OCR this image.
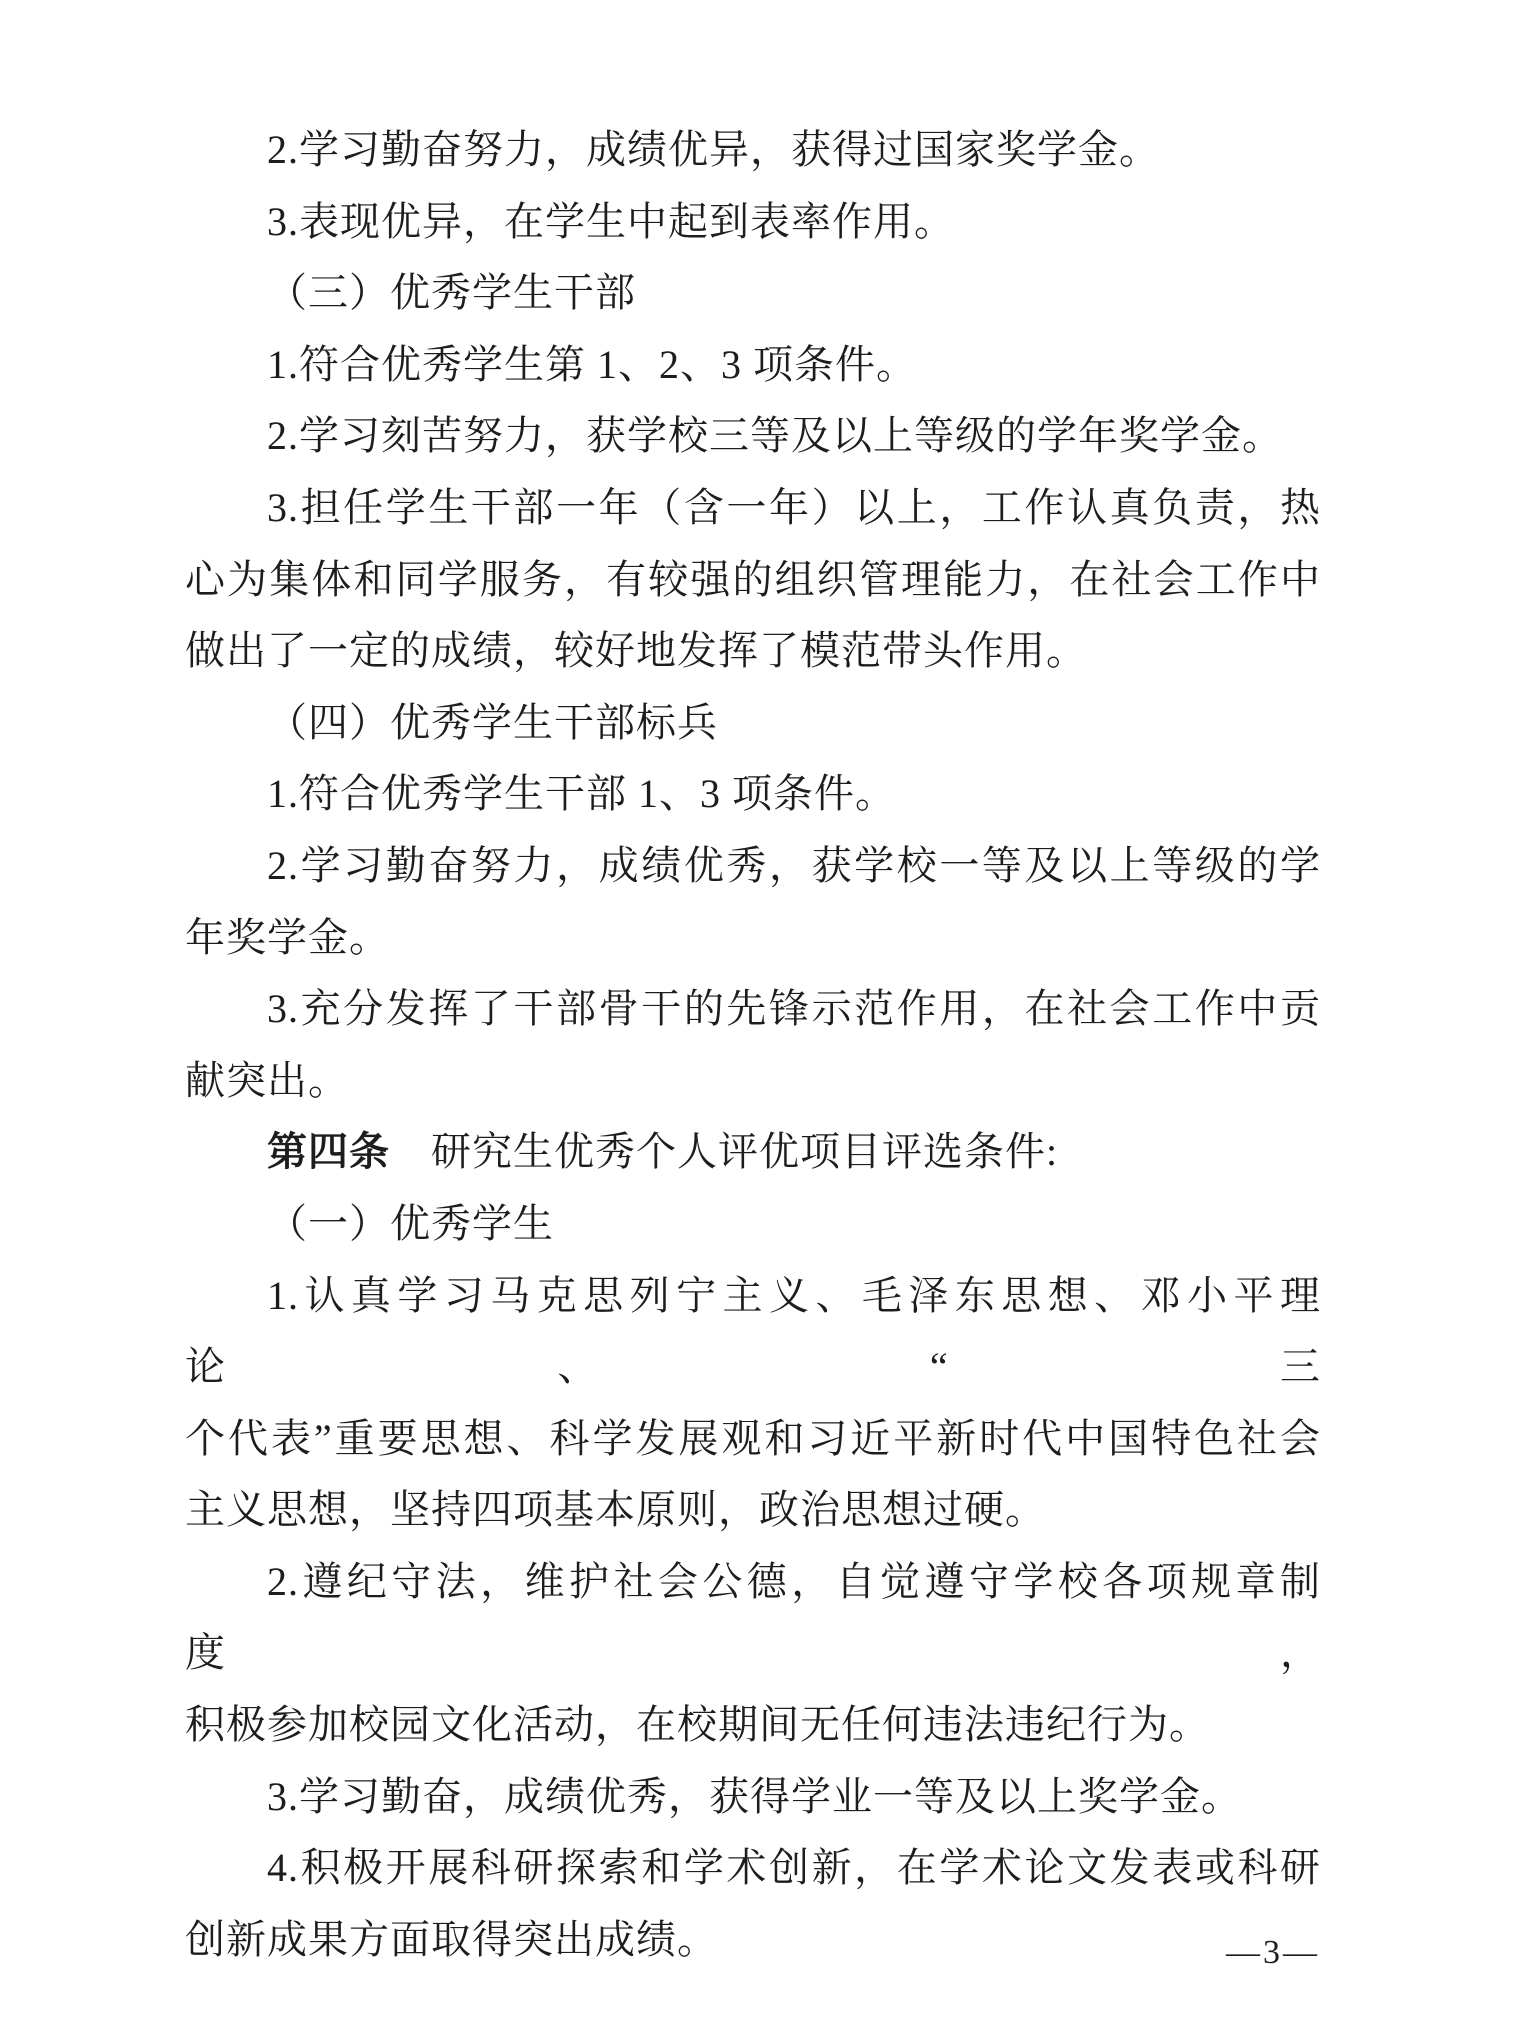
2.学习勤奋努力，成绩优异，获得过国家奖学金。
3.表现优异，在学生中起到表率作用。
（三）优秀学生干部
1.符合优秀学生第 1、2、3 项条件。
2.学习刻苦努力，获学校三等及以上等级的学年奖学金。
3.担任学生干部一年（含一年）以上，工作认真负责，热
心为集体和同学服务，有较强的组织管理能力，在社会工作中
做出了一定的成绩，较好地发挥了模范带头作用。
（四）优秀学生干部标兵
1.符合优秀学生干部 1、3 项条件。
2.学习勤奋努力，成绩优秀，获学校一等及以上等级的学
年奖学金。
3.充分发挥了干部骨干的先锋示范作用，在社会工作中贡
献突出。
第四条　研究生优秀个人评优项目评选条件:
（一）优秀学生
1.认真学习马克思列宁主义、毛泽东思想、邓小平理论、“三
个代表”重要思想、科学发展观和习近平新时代中国特色社会
主义思想，坚持四项基本原则，政治思想过硬。
2.遵纪守法，维护社会公德，自觉遵守学校各项规章制度，
积极参加校园文化活动，在校期间无任何违法违纪行为。
3.学习勤奋，成绩优秀，获得学业一等及以上奖学金。
4.积极开展科研探索和学术创新，在学术论文发表或科研
创新成果方面取得突出成绩。	—3—
